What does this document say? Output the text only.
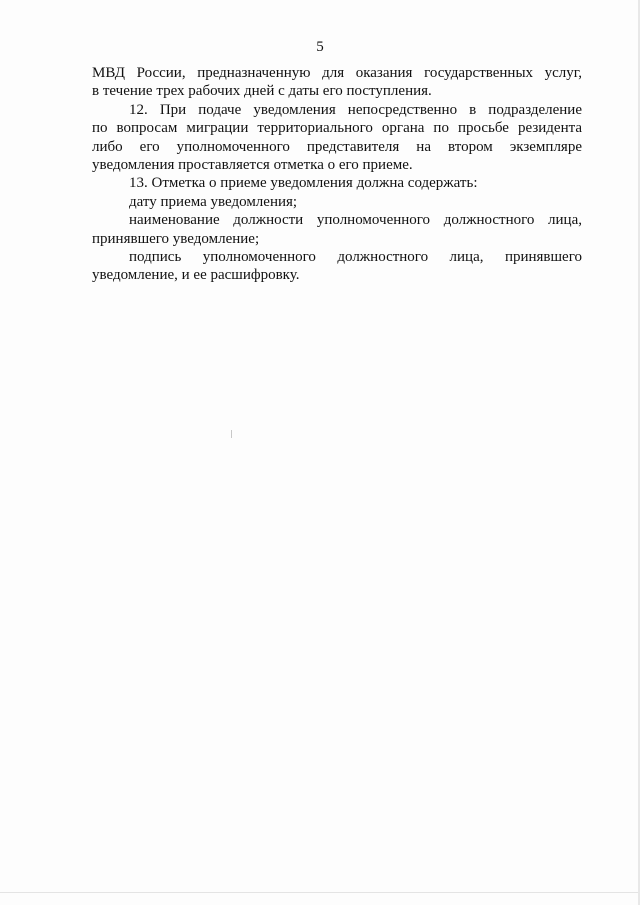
5
МВД России, предназначенную для оказания государственных услуг,
в течение трех рабочих дней с даты его поступления.
12. При подаче уведомления непосредственно в подразделение
по вопросам миграции территориального органа по просьбе резидента
либо его уполномоченного представителя на втором экземпляре
уведомления проставляется отметка о его приеме.
13. Отметка о приеме уведомления должна содержать:
дату приема уведомления;
наименование должности уполномоченного должностного лица,
принявшего уведомление;
подпись уполномоченного должностного лица, принявшего
уведомление, и ее расшифровку.
